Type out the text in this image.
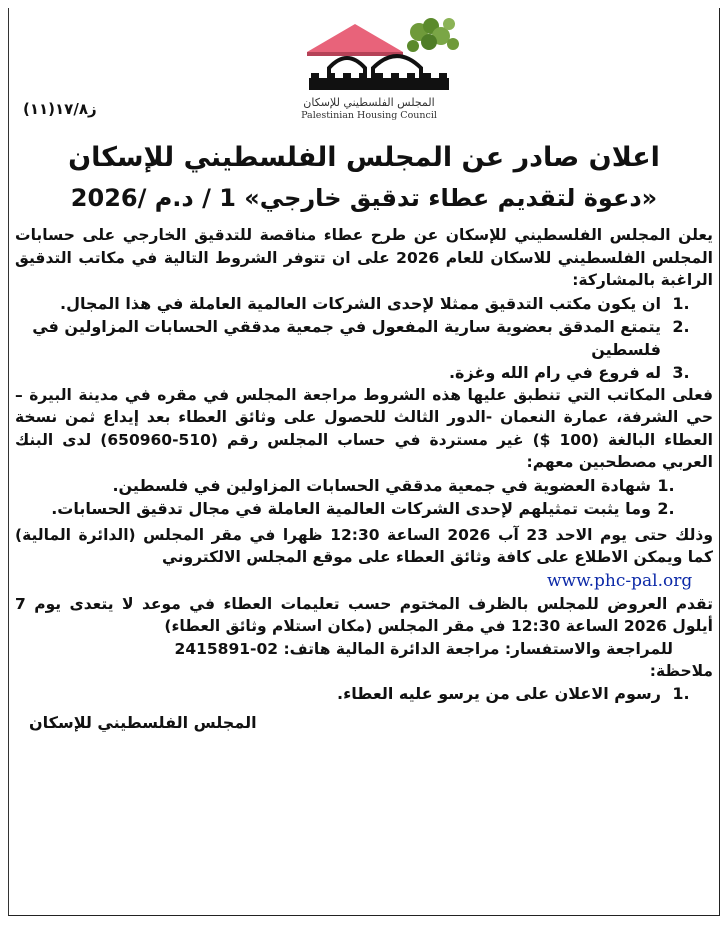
المجلس الفلسطيني للإسكان
Palestinian Housing Council
ز١٧/٨(١١)

اعلان صادر عن المجلس الفلسطيني للإسكان

«دعوة لتقديم عطاء تدقيق خارجي» 1 / د.م /2026

يعلن المجلس الفلسطيني للإسكان عن طرح عطاء مناقصة للتدقيق الخارجي على حسابات المجلس الفلسطيني للاسكان للعام 2026 على ان تتوفر الشروط التالية في مكاتب التدقيق الراغبة بالمشاركة:

1.
ان يكون مكتب التدقيق ممثلا لإحدى الشركات العالمية العاملة في هذا المجال.
2.
يتمتع المدقق بعضوية سارية المفعول في جمعية مدققي الحسابات المزاولين في فلسطين
3.
له فروع في رام الله وغزة.

فعلى المكاتب التي تنطبق عليها هذه الشروط مراجعة المجلس في مقره في مدينة البيرة – حي الشرفة، عمارة النعمان -الدور الثالث للحصول على وثائق العطاء بعد إيداع ثمن نسخة العطاء البالغة (100 $) غير مستردة في حساب المجلس رقم (510-650960) لدى البنك العربي مصطحبين معهم:

1.
شهادة العضوية في جمعية مدققي الحسابات المزاولين في فلسطين.
2.
وما يثبت تمثيلهم لإحدى الشركات العالمية العاملة في مجال تدقيق الحسابات.

وذلك حتى يوم الاحد 23 آب 2026 الساعة 12:30 ظهرا في مقر المجلس (الدائرة المالية) كما ويمكن الاطلاع على كافة وثائق العطاء على موقع المجلس الالكتروني

www.phc-pal.org

تقدم العروض للمجلس بالظرف المختوم حسب تعليمات العطاء في موعد لا يتعدى يوم 7 أيلول 2026 الساعة 12:30 في مقر المجلس (مكان استلام وثائق العطاء)

للمراجعة والاستفسار: مراجعة الدائرة المالية هاتف: 02-2415891

ملاحظة:
1.
رسوم الاعلان على من يرسو عليه العطاء.
المجلس الفلسطيني للإسكان
